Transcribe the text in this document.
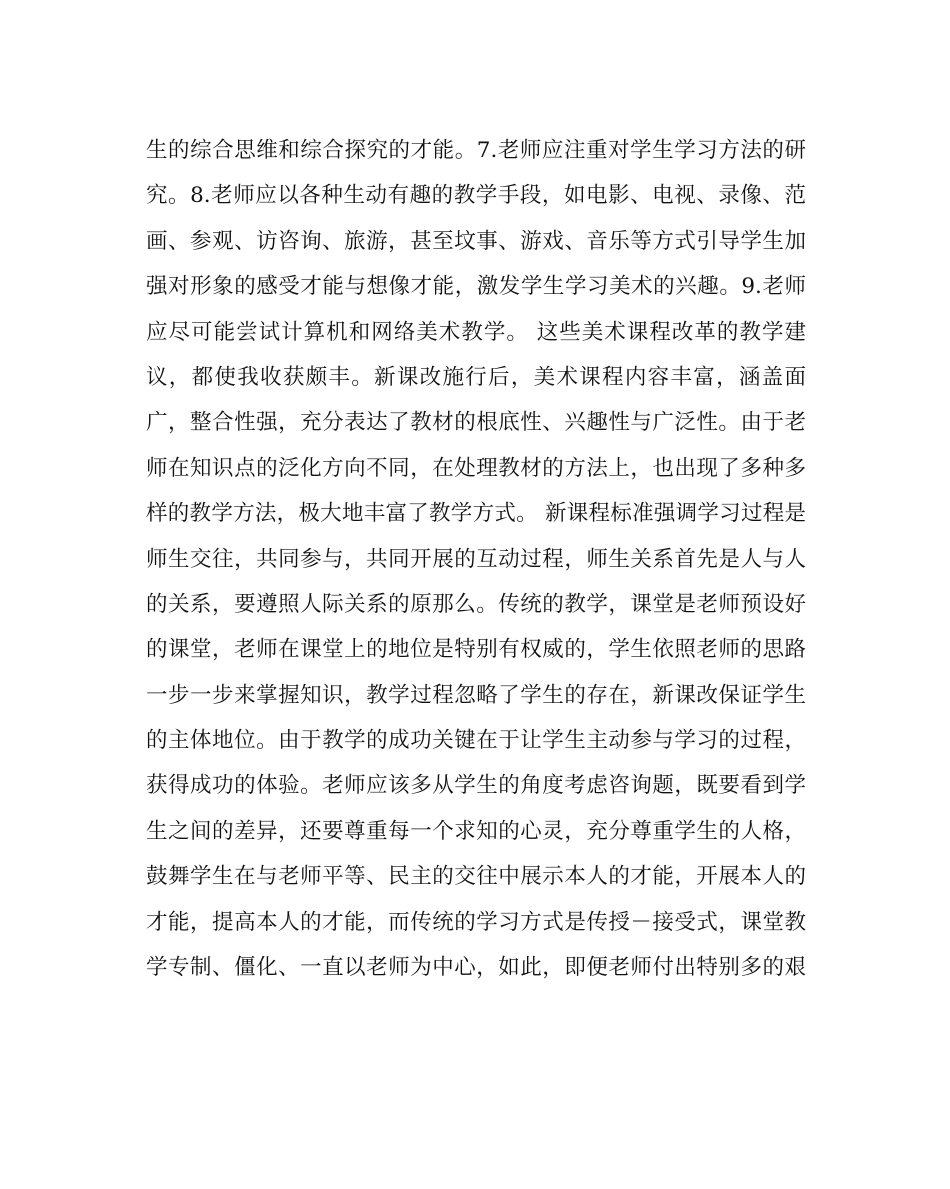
生的综合思维和综合探究的才能。7.老师应注重对学生学习方法的研
究。8.老师应以各种生动有趣的教学手段，如电影、电视、录像、范
画、参观、访咨询、旅游，甚至坟事、游戏、音乐等方式引导学生加
强对形象的感受才能与想像才能，激发学生学习美术的兴趣。9.老师
应尽可能尝试计算机和网络美术教学。 这些美术课程改革的教学建
议，都使我收获颇丰。新课改施行后，美术课程内容丰富，涵盖面
广，整合性强，充分表达了教材的根底性、兴趣性与广泛性。由于老
师在知识点的泛化方向不同，在处理教材的方法上，也出现了多种多
样的教学方法，极大地丰富了教学方式。 新课程标准强调学习过程是
师生交往，共同参与，共同开展的互动过程，师生关系首先是人与人
的关系，要遵照人际关系的原那么。传统的教学，课堂是老师预设好
的课堂，老师在课堂上的地位是特别有权威的，学生依照老师的思路
一步一步来掌握知识，教学过程忽略了学生的存在，新课改保证学生
的主体地位。由于教学的成功关键在于让学生主动参与学习的过程，
获得成功的体验。老师应该多从学生的角度考虑咨询题，既要看到学
生之间的差异，还要尊重每一个求知的心灵，充分尊重学生的人格，
鼓舞学生在与老师平等、民主的交往中展示本人的才能，开展本人的
才能，提高本人的才能，而传统的学习方式是传授－接受式，课堂教
学专制、僵化、一直以老师为中心，如此，即便老师付出特别多的艰
